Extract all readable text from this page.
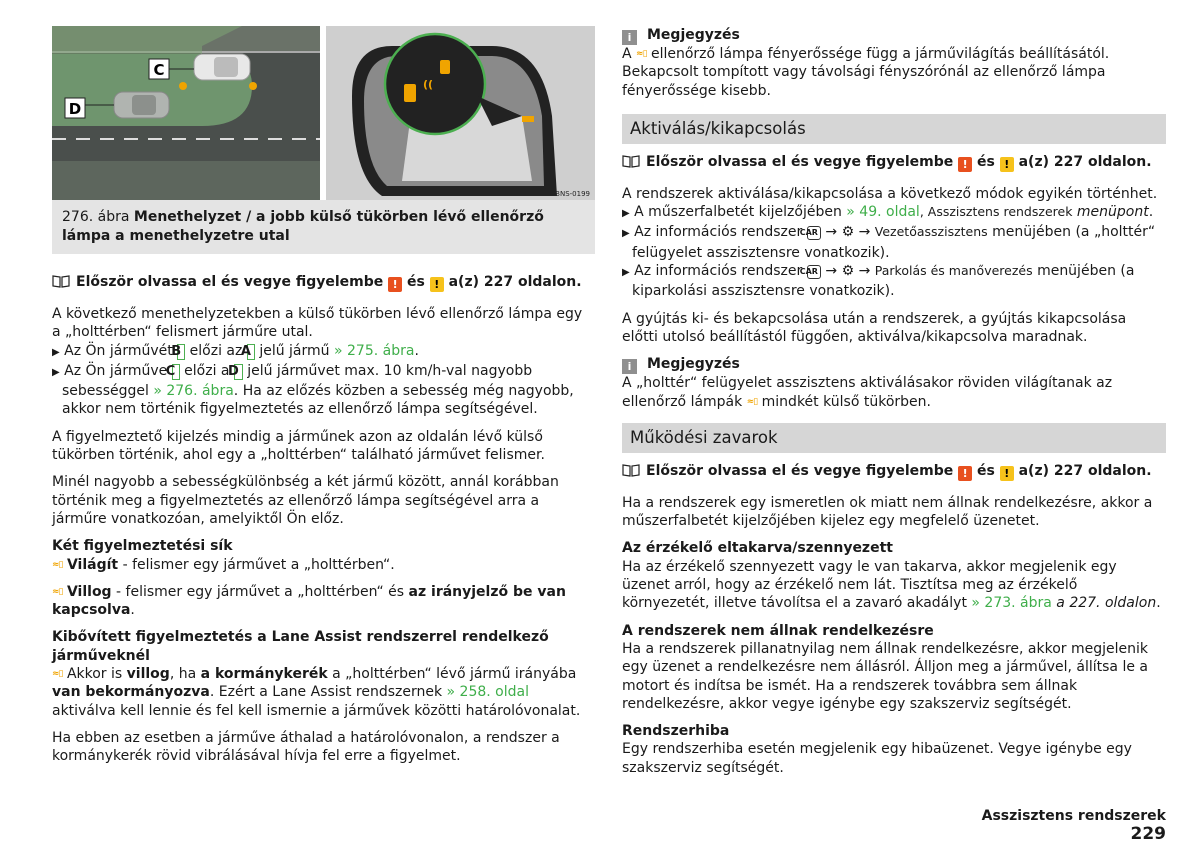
C
D
((
BNS-0199
276. ábra Menethelyzet / a jobb külső tükörben lévő ellenőrző lámpa a menethelyzetre utal

Először olvassa el és vegye figyelembe ! és ! a(z) 227 oldalon.

A következő menethelyzetekben a külső tükörben lévő ellenőrző lámpa egy a „holttérben“ felismert járműre utal.

▶ Az Ön járművét B előzi az A jelű jármű » 275. ábra.

▶ Az Ön járműve C előzi a D jelű járművet max. 10 km/h-val nagyobb sebességgel » 276. ábra. Ha az előzés közben a sebesség még nagyobb, akkor nem történik figyelmeztetés az ellenőrző lámpa segítségével.

A figyelmeztető kijelzés mindig a járműnek azon az oldalán lévő külső tükörben történik, ahol egy a „holttérben“ található járművet felismer.

Minél nagyobb a sebességkülönbség a két jármű között, annál korábban történik meg a figyelmeztetés az ellenőrző lámpa segítségével arra a járműre vonatkozóan, amelyiktől Ön előz.

Két figyelmeztetési sík

≈▯ Világít - felismer egy járművet a „holttérben“.

≈▯ Villog - felismer egy járművet a „holttérben“ és az irányjelző be van kapcsolva.

Kibővített figyelmeztetés a Lane Assist rendszerrel rendelkező járműveknél

≈▯ Akkor is villog, ha a kormánykerék a „holttérben“ lévő jármű irányába van bekormányozva. Ezért a Lane Assist rendszernek » 258. oldal aktiválva kell lennie és fel kell ismernie a járművek közötti határolóvonalat.

Ha ebben az esetben a járműve áthalad a határolóvonalon, a rendszer a kormánykerék rövid vibrálásával hívja fel erre a figyelmet.

i Megjegyzés

A ≈▯ ellenőrző lámpa fényerőssége függ a járművilágítás beállításától. Bekapcsolt tompított vagy távolsági fényszórónál az ellenőrző lámpa fényerőssége kisebb.

Aktiválás/kikapcsolás

Először olvassa el és vegye figyelembe ! és ! a(z) 227 oldalon.

A rendszerek aktiválása/kikapcsolása a következő módok egyikén történhet.

▶ A műszerfalbetét kijelzőjében » 49. oldal, Asszisztens rendszerek menüpont.

▶ Az információs rendszer CAR → ⚙ → Vezetőasszisztens menüjében (a „holttér“ felügyelet asszisztensre vonatkozik).

▶ Az információs rendszer CAR → ⚙ → Parkolás és manőverezés menüjében (a kiparkolási asszisztensre vonatkozik).

A gyújtás ki- és bekapcsolása után a rendszerek, a gyújtás kikapcsolása előtti utolsó beállítástól függően, aktiválva/kikapcsolva maradnak.

i Megjegyzés

A „holttér“ felügyelet asszisztens aktiválásakor röviden világítanak az ellenőrző lámpák ≈▯ mindkét külső tükörben.

Működési zavarok

Először olvassa el és vegye figyelembe ! és ! a(z) 227 oldalon.

Ha a rendszerek egy ismeretlen ok miatt nem állnak rendelkezésre, akkor a műszerfalbetét kijelzőjében kijelez egy megfelelő üzenetet.

Az érzékelő eltakarva/szennyezett

Ha az érzékelő szennyezett vagy le van takarva, akkor megjelenik egy üzenet arról, hogy az érzékelő nem lát. Tisztítsa meg az érzékelő környezetét, illetve távolítsa el a zavaró akadályt » 273. ábra a 227. oldalon.

A rendszerek nem állnak rendelkezésre

Ha a rendszerek pillanatnyilag nem állnak rendelkezésre, akkor megjelenik egy üzenet a rendelkezésre nem állásról. Álljon meg a járművel, állítsa le a motort és indítsa be ismét. Ha a rendszerek továbbra sem állnak rendelkezésre, akkor vegye igénybe egy szakszerviz segítségét.

Rendszerhiba

Egy rendszerhiba esetén megjelenik egy hibaüzenet. Vegye igénybe egy szakszerviz segítségét.

Asszisztens rendszerek 229
